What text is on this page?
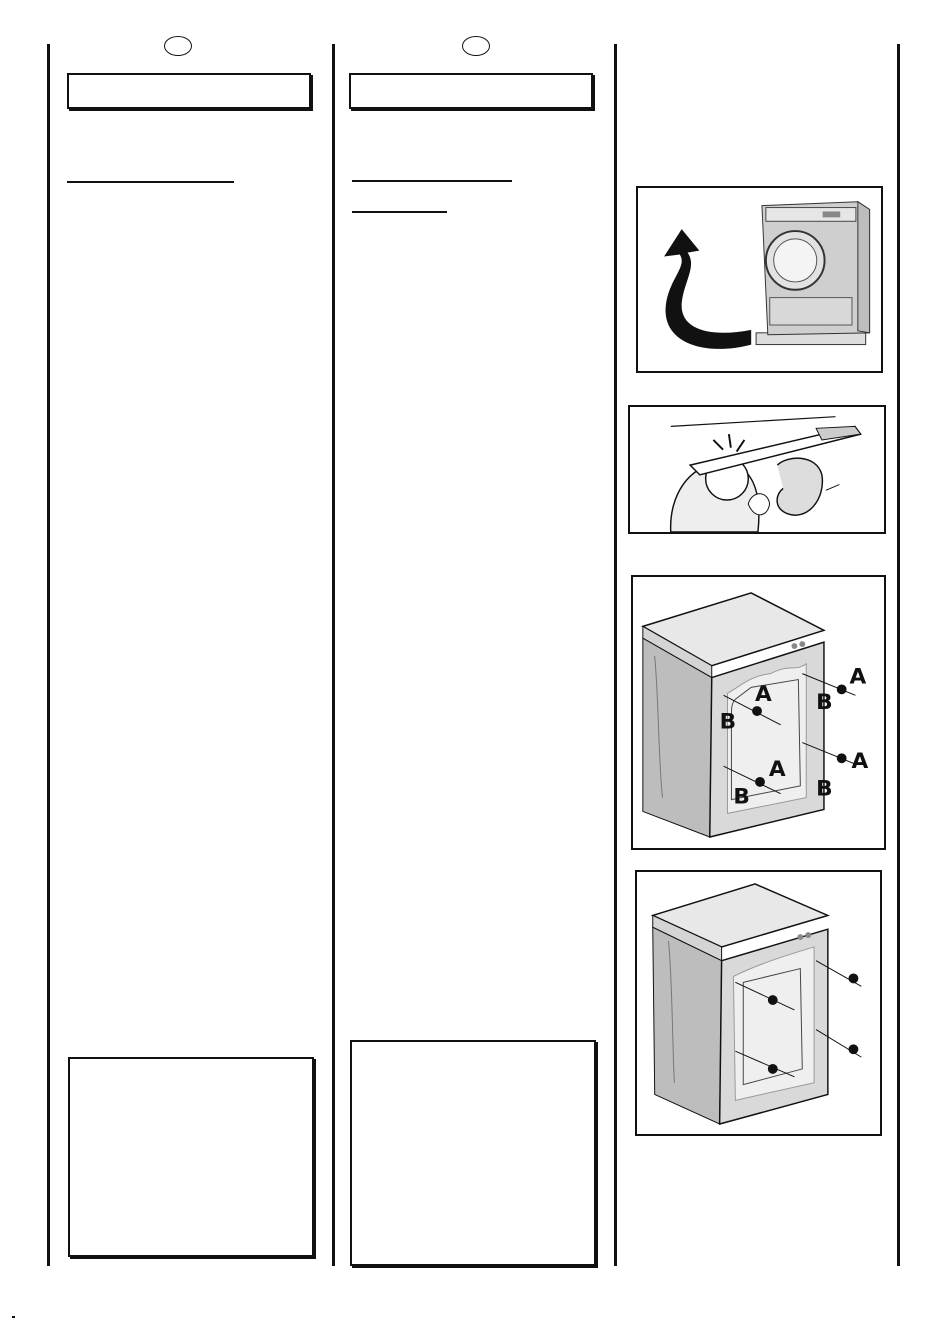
A
B
A
B
A
B
A
B
